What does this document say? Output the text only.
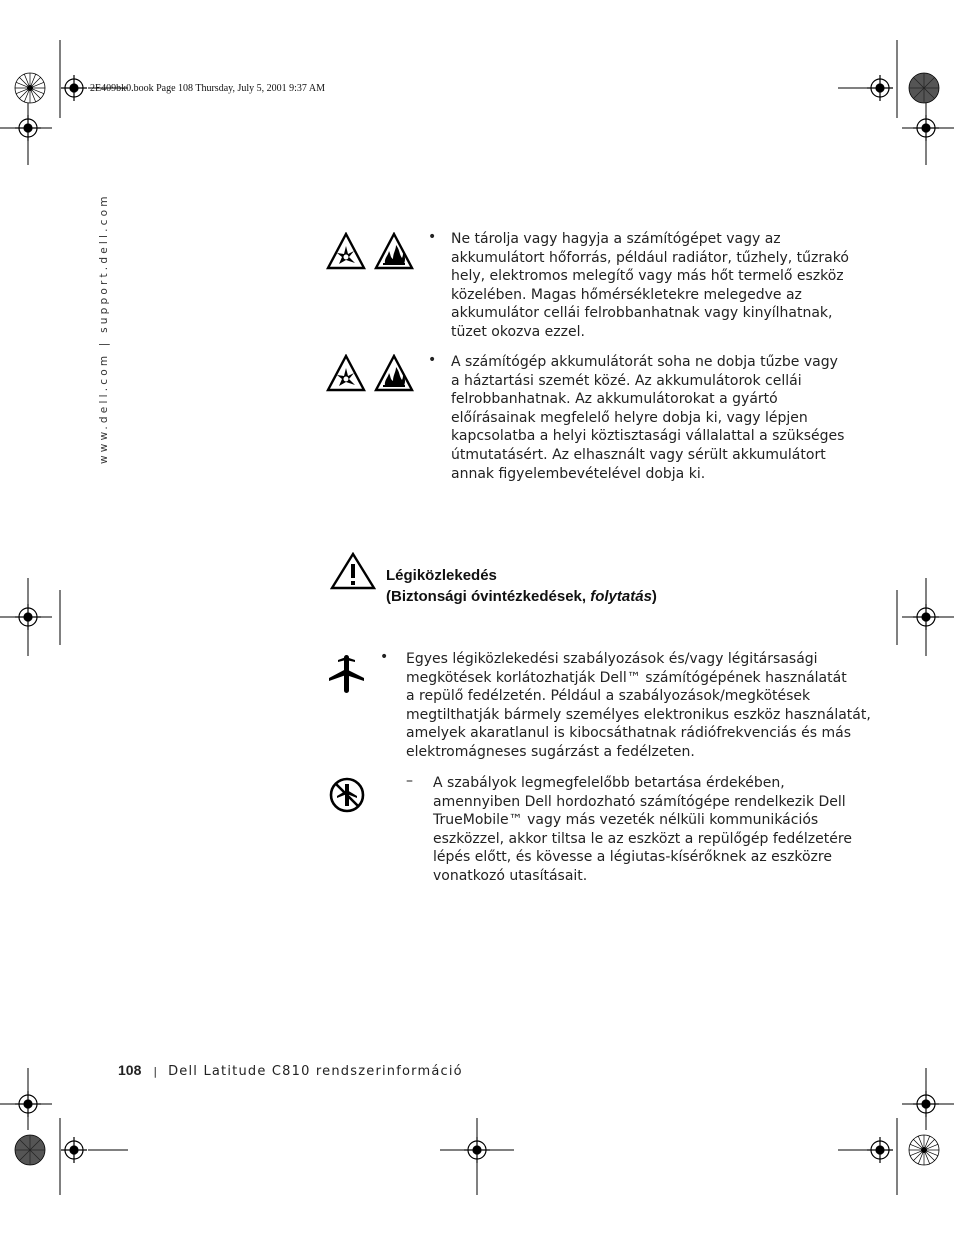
2E409bk0.book Page 108 Thursday, July 5, 2001 9:37 AM
www.dell.com | support.dell.com	• Ne tárolja vagy hagyja a számítógépet vagy az
akkumulátort hőforrás, például radiátor, tűzhely, tűzrakó
hely, elektromos melegítő vagy más hőt termelő eszköz
közelében. Magas hőmérsékletekre melegedve az
akkumulátor cellái felrobbanhatnak vagy kinyílhatnak,
tüzet okozva ezzel.
• A számítógép akkumulátorát soha ne dobja tűzbe vagy
a háztartási szemét közé. Az akkumulátorok cellái
felrobbanhatnak. Az akkumulátorokat a gyártó
előírásainak megfelelő helyre dobja ki, vagy lépjen
kapcsolatba a helyi köztisztasági vállalattal a szükséges
útmutatásért. Az elhasznált vagy sérült akkumulátort
annak figyelembevételével dobja ki.
Légiközlekedés
(Biztonsági óvintézkedések, folytatás)
• Egyes légiközlekedési szabályozások és/vagy légitársasági
megkötések korlátozhatják Dell™ számítógépének használatát
a repülő fedélzetén. Például a szabályozások/megkötések
megtilthatják bármely személyes elektronikus eszköz használatát,
amelyek akaratlanul is kibocsáthatnak rádiófrekvenciás és más
elektromágneses sugárzást a fedélzeten.
– A szabályok legmegfelelőbb betartása érdekében,
amennyiben Dell hordozható számítógépe rendelkezik Dell
TrueMobile™ vagy más vezeték nélküli kommunikációs
eszközzel, akkor tiltsa le az eszközt a repülőgép fedélzetére
lépés előtt, és kövesse a légiutas-kísérőknek az eszközre
vonatkozó utasításait.
108 | Dell Latitude C810 rendszerinformáció
